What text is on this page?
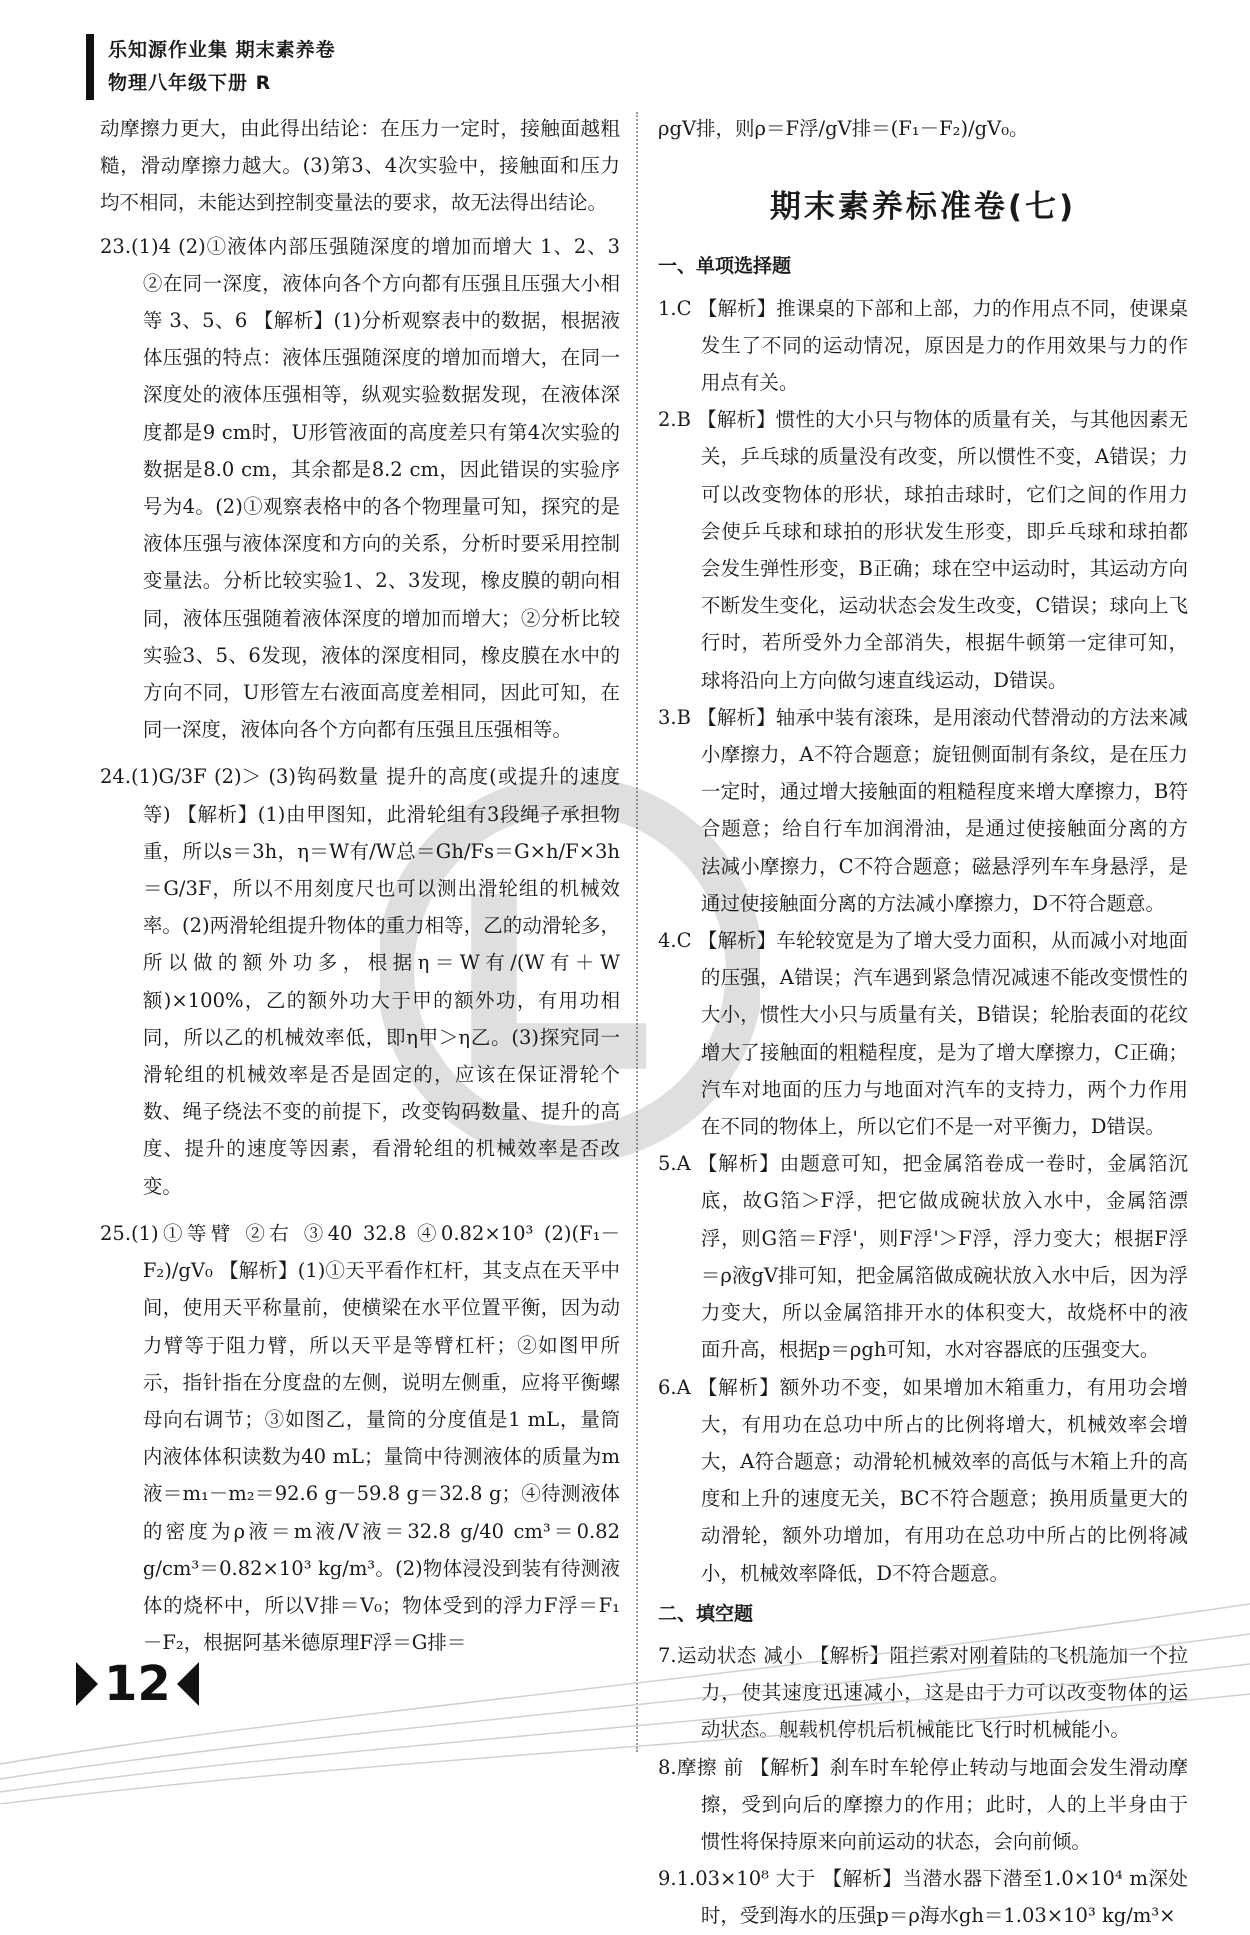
乐知源作业集 期末素养卷
物理八年级下册 R

动摩擦力更大，由此得出结论：在压力一定时，接触面越粗糙，滑动摩擦力越大。(3)第3、4次实验中，接触面和压力均不相同，未能达到控制变量法的要求，故无法得出结论。

23.(1)4 (2)①液体内部压强随深度的增加而增大 1、2、3 ②在同一深度，液体向各个方向都有压强且压强大小相等 3、5、6 【解析】(1)分析观察表中的数据，根据液体压强的特点：液体压强随深度的增加而增大，在同一深度处的液体压强相等，纵观实验数据发现，在液体深度都是9 cm时，U形管液面的高度差只有第4次实验的数据是8.0 cm，其余都是8.2 cm，因此错误的实验序号为4。(2)①观察表格中的各个物理量可知，探究的是液体压强与液体深度和方向的关系，分析时要采用控制变量法。分析比较实验1、2、3发现，橡皮膜的朝向相同，液体压强随着液体深度的增加而增大；②分析比较实验3、5、6发现，液体的深度相同，橡皮膜在水中的方向不同，U形管左右液面高度差相同，因此可知，在同一深度，液体向各个方向都有压强且压强相等。

24.(1)G/3F (2)＞ (3)钩码数量 提升的高度(或提升的速度等) 【解析】(1)由甲图知，此滑轮组有3段绳子承担物重，所以s＝3h，η＝W有/W总＝Gh/Fs＝G×h/F×3h＝G/3F，所以不用刻度尺也可以测出滑轮组的机械效率。(2)两滑轮组提升物体的重力相等，乙的动滑轮多，所以做的额外功多，根据η＝W有/(W有＋W额)×100%，乙的额外功大于甲的额外功，有用功相同，所以乙的机械效率低，即η甲＞η乙。(3)探究同一滑轮组的机械效率是否是固定的，应该在保证滑轮个数、绳子绕法不变的前提下，改变钩码数量、提升的高度、提升的速度等因素，看滑轮组的机械效率是否改变。

25.(1)①等臂 ②右 ③40 32.8 ④0.82×10³ (2)(F₁－F₂)/gV₀ 【解析】(1)①天平看作杠杆，其支点在天平中间，使用天平称量前，使横梁在水平位置平衡，因为动力臂等于阻力臂，所以天平是等臂杠杆；②如图甲所示，指针指在分度盘的左侧，说明左侧重，应将平衡螺母向右调节；③如图乙，量筒的分度值是1 mL，量筒内液体体积读数为40 mL；量筒中待测液体的质量为m液＝m₁－m₂＝92.6 g－59.8 g＝32.8 g；④待测液体的密度为ρ液＝m液/V液＝32.8 g/40 cm³＝0.82 g/cm³＝0.82×10³ kg/m³。(2)物体浸没到装有待测液体的烧杯中，所以V排＝V₀；物体受到的浮力F浮＝F₁－F₂，根据阿基米德原理F浮＝G排＝

ρgV排，则ρ＝F浮/gV排＝(F₁－F₂)/gV₀。

期末素养标准卷(七)
一、单项选择题

1.C 【解析】推课桌的下部和上部，力的作用点不同，使课桌发生了不同的运动情况，原因是力的作用效果与力的作用点有关。

2.B 【解析】惯性的大小只与物体的质量有关，与其他因素无关，乒乓球的质量没有改变，所以惯性不变，A错误；力可以改变物体的形状，球拍击球时，它们之间的作用力会使乒乓球和球拍的形状发生形变，即乒乓球和球拍都会发生弹性形变，B正确；球在空中运动时，其运动方向不断发生变化，运动状态会发生改变，C错误；球向上飞行时，若所受外力全部消失，根据牛顿第一定律可知，球将沿向上方向做匀速直线运动，D错误。

3.B 【解析】轴承中装有滚珠，是用滚动代替滑动的方法来减小摩擦力，A不符合题意；旋钮侧面制有条纹，是在压力一定时，通过增大接触面的粗糙程度来增大摩擦力，B符合题意；给自行车加润滑油，是通过使接触面分离的方法减小摩擦力，C不符合题意；磁悬浮列车车身悬浮，是通过使接触面分离的方法减小摩擦力，D不符合题意。

4.C 【解析】车轮较宽是为了增大受力面积，从而减小对地面的压强，A错误；汽车遇到紧急情况减速不能改变惯性的大小，惯性大小只与质量有关，B错误；轮胎表面的花纹增大了接触面的粗糙程度，是为了增大摩擦力，C正确；汽车对地面的压力与地面对汽车的支持力，两个力作用在不同的物体上，所以它们不是一对平衡力，D错误。

5.A 【解析】由题意可知，把金属箔卷成一卷时，金属箔沉底，故G箔＞F浮，把它做成碗状放入水中，金属箔漂浮，则G箔＝F浮'，则F浮'＞F浮，浮力变大；根据F浮＝ρ液gV排可知，把金属箔做成碗状放入水中后，因为浮力变大，所以金属箔排开水的体积变大，故烧杯中的液面升高，根据p＝ρgh可知，水对容器底的压强变大。

6.A 【解析】额外功不变，如果增加木箱重力，有用功会增大，有用功在总功中所占的比例将增大，机械效率会增大，A符合题意；动滑轮机械效率的高低与木箱上升的高度和上升的速度无关，BC不符合题意；换用质量更大的动滑轮，额外功增加，有用功在总功中所占的比例将减小，机械效率降低，D不符合题意。

二、填空题

7.运动状态 减小 【解析】阻拦索对刚着陆的飞机施加一个拉力，使其速度迅速减小，这是由于力可以改变物体的运动状态。舰载机停机后机械能比飞行时机械能小。

8.摩擦 前 【解析】刹车时车轮停止转动与地面会发生滑动摩擦，受到向后的摩擦力的作用；此时，人的上半身由于惯性将保持原来向前运动的状态，会向前倾。

9.1.03×10⁸ 大于 【解析】当潜水器下潜至1.0×10⁴ m深处时，受到海水的压强p＝ρ海水gh＝1.03×10³ kg/m³×

12
